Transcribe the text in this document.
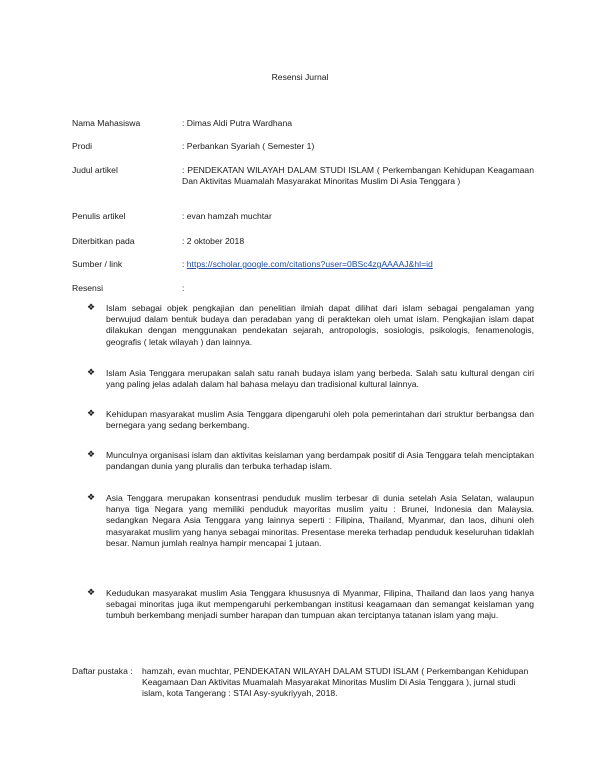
Resensi Jurnal
Nama Mahasiswa	: Dimas Aldi Putra Wardhana
Prodi	: Perbankan Syariah ( Semester 1)
Judul artikel	: PENDEKATAN WILAYAH DALAM STUDI ISLAM ( Perkembangan Kehidupan Keagamaan Dan Aktivitas Muamalah Masyarakat Minoritas Muslim Di Asia Tenggara )
Penulis artikel	: evan hamzah muchtar
Diterbitkan pada	: 2 oktober 2018
Sumber / link	: https://scholar.google.com/citations?user=0BSc4zgAAAAJ&hl=id
Resensi	:
❖ Islam sebagai objek pengkajian dan penelitian ilmiah dapat dilihat dari islam sebagai pengalaman yang berwujud dalam bentuk budaya dan peradaban yang di peraktekan oleh umat islam. Pengkajian islam dapat dilakukan dengan menggunakan pendekatan sejarah, antropologis, sosiologis, psikologis, fenamenologis, geografis ( letak wilayah ) dan lainnya.
❖ Islam Asia Tenggara merupakan salah satu ranah budaya islam yang berbeda. Salah satu kultural dengan ciri yang paling jelas adalah dalam hal bahasa melayu dan tradisional kultural lainnya.
❖ Kehidupan masyarakat muslim Asia Tenggara dipengaruhi oleh pola pemerintahan dari struktur berbangsa dan bernegara yang sedang berkembang.
❖ Munculnya organisasi islam dan aktivitas keislaman yang berdampak positif di Asia Tenggara telah menciptakan pandangan dunia yang pluralis dan terbuka terhadap islam.
❖ Asia Tenggara merupakan konsentrasi penduduk muslim terbesar di dunia setelah Asia Selatan, walaupun hanya tiga Negara yang memiliki penduduk mayoritas muslim yaitu : Brunei, Indonesia dan Malaysia. sedangkan Negara Asia Tenggara yang lainnya seperti : Filipina, Thailand, Myanmar, dan laos, dihuni oleh masyarakat muslim yang hanya sebagai minoritas. Presentase mereka terhadap penduduk keseluruhan tidaklah besar. Namun jumlah realnya hampir mencapai 1 jutaan.
❖ Kedudukan masyarakat muslim Asia Tenggara khususnya di Myanmar, Filipina, Thailand dan laos yang hanya sebagai minoritas juga ikut mempengaruhi perkembangan institusi keagamaan dan semangat keislaman yang tumbuh berkembang menjadi sumber harapan dan tumpuan akan terciptanya tatanan islam yang maju.
Daftar pustaka :	hamzah, evan muchtar, PENDEKATAN WILAYAH DALAM STUDI ISLAM ( Perkembangan Kehidupan Keagamaan Dan Aktivitas Muamalah Masyarakat Minoritas Muslim Di Asia Tenggara ), jurnal studi islam, kota Tangerang : STAI Asy-syukriyyah, 2018.
